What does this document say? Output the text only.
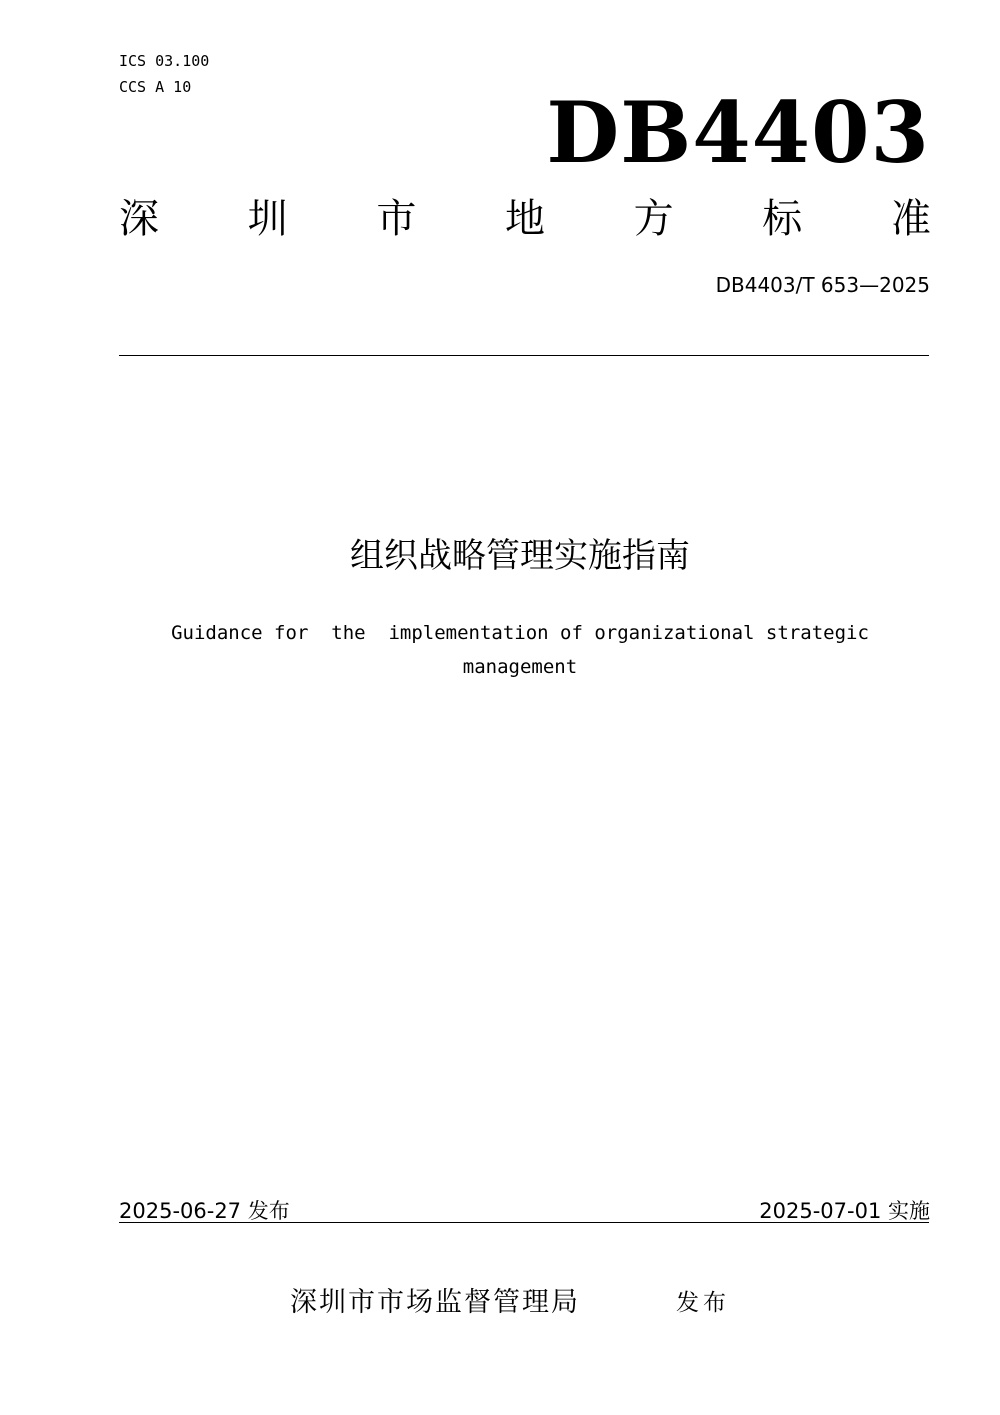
ICS 03.100
CCS A 10	DB4403
深 圳 市 地 方 标 准
DB4403/T 653—2025
组织战略管理实施指南
Guidance for  the  implementation of organizational strategic
management
2025-06-27 发布	2025-07-01 实施
深圳市市场监督管理局	发布
